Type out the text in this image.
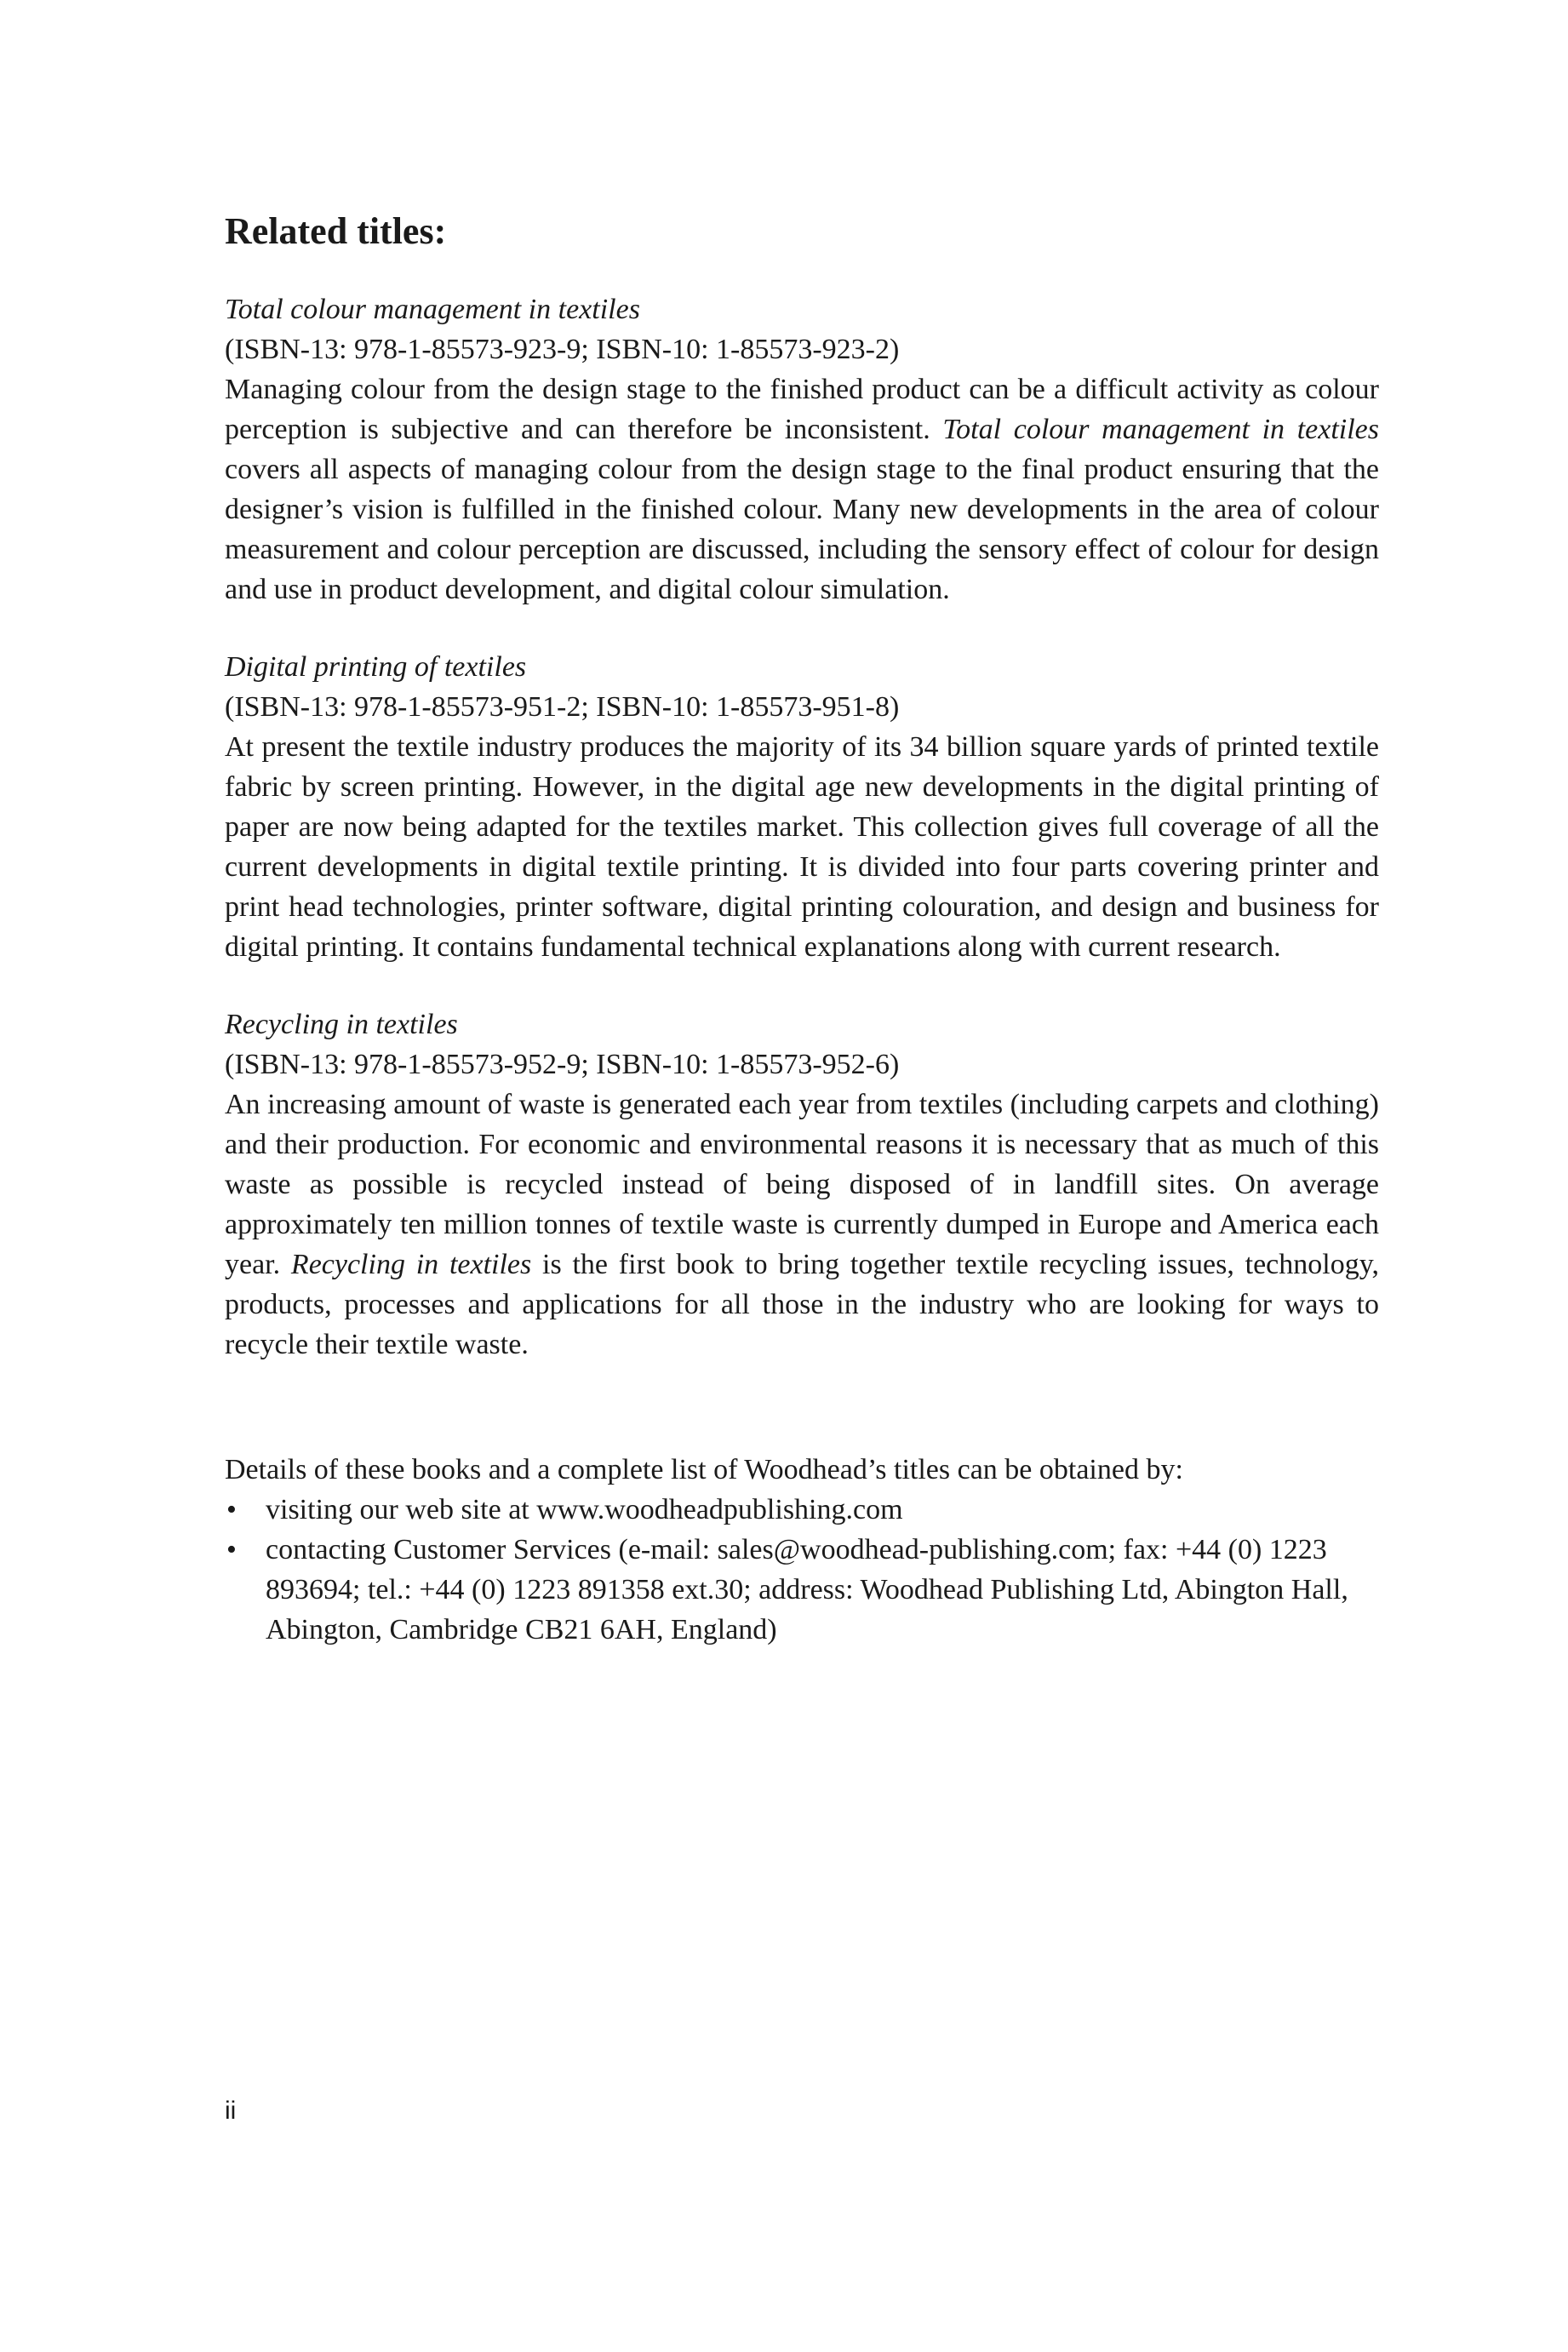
Related titles:

Total colour management in textiles

(ISBN-13: 978-1-85573-923-9; ISBN-10: 1-85573-923-2)

Managing colour from the design stage to the finished product can be a difficult activity as colour perception is subjective and can therefore be inconsistent. Total colour management in textiles covers all aspects of managing colour from the design stage to the final product ensuring that the designer’s vision is fulfilled in the finished colour. Many new developments in the area of colour measurement and colour perception are discussed, including the sensory effect of colour for design and use in product development, and digital colour simulation.

Digital printing of textiles

(ISBN-13: 978-1-85573-951-2; ISBN-10: 1-85573-951-8)

At present the textile industry produces the majority of its 34 billion square yards of printed textile fabric by screen printing. However, in the digital age new developments in the digital printing of paper are now being adapted for the textiles market. This collection gives full coverage of all the current developments in digital textile printing. It is divided into four parts covering printer and print head technologies, printer software, digital printing colouration, and design and business for digital printing. It contains fundamental technical explanations along with current research.

Recycling in textiles

(ISBN-13: 978-1-85573-952-9; ISBN-10: 1-85573-952-6)

An increasing amount of waste is generated each year from textiles (including carpets and clothing) and their production. For economic and environmental reasons it is necessary that as much of this waste as possible is recycled instead of being disposed of in landfill sites. On average approximately ten million tonnes of textile waste is currently dumped in Europe and America each year. Recycling in textiles is the first book to bring together textile recycling issues, technology, products, processes and applications for all those in the industry who are looking for ways to recycle their textile waste.

Details of these books and a complete list of Woodhead’s titles can be obtained by:

• visiting our web site at www.woodheadpublishing.com
• contacting Customer Services (e-mail: sales@woodhead-publishing.com; fax: +44 (0) 1223 893694; tel.: +44 (0) 1223 891358 ext.30; address: Woodhead Publishing Ltd, Abington Hall, Abington, Cambridge CB21 6AH, England)
ii
